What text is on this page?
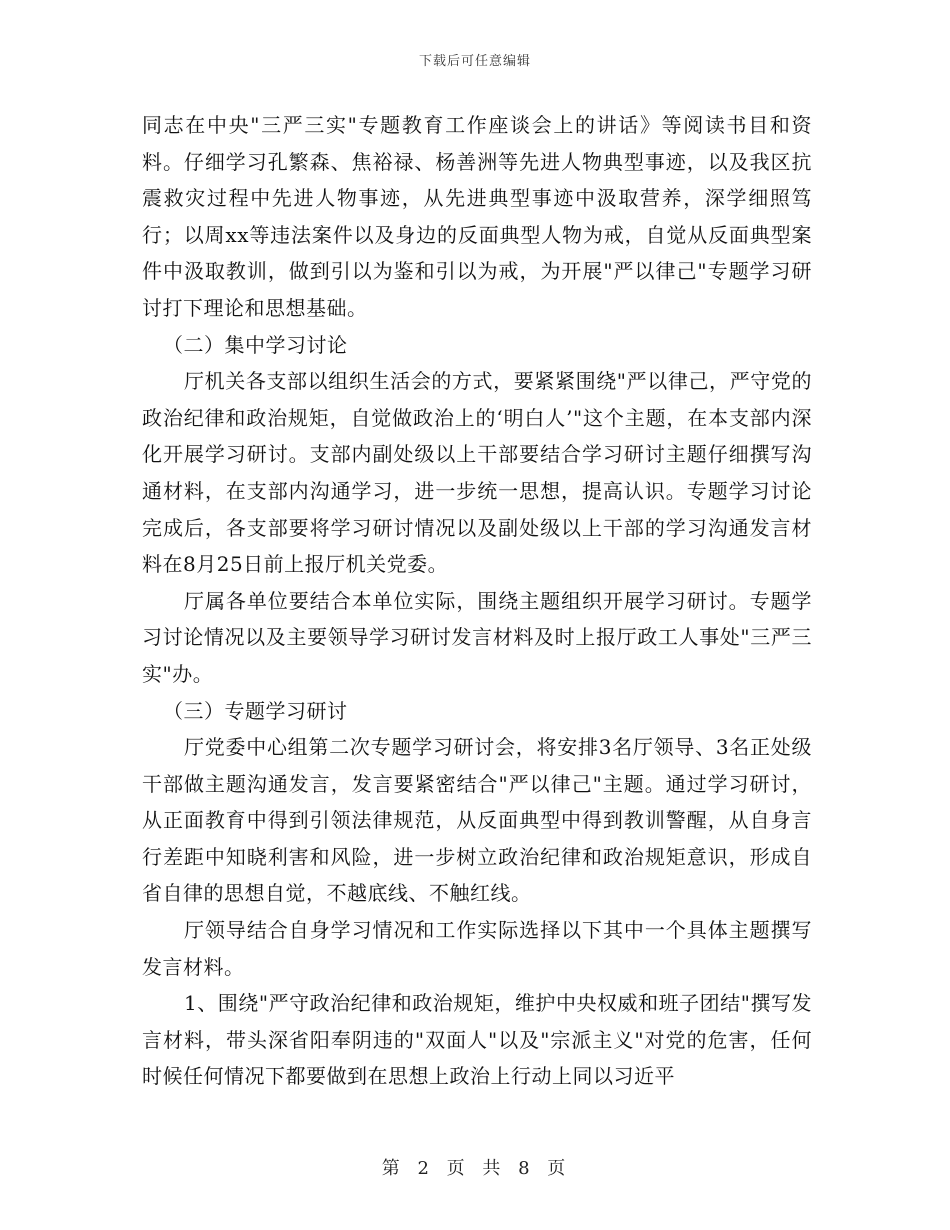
下载后可任意编辑

同志在中央"三严三实"专题教育工作座谈会上的讲话》等阅读书目和资料。仔细学习孔繁森、焦裕禄、杨善洲等先进人物典型事迹，以及我区抗震救灾过程中先进人物事迹，从先进典型事迹中汲取营养，深学细照笃行；以周xx等违法案件以及身边的反面典型人物为戒，自觉从反面典型案件中汲取教训，做到引以为鉴和引以为戒，为开展"严以律己"专题学习研讨打下理论和思想基础。

（二）集中学习讨论

厅机关各支部以组织生活会的方式，要紧紧围绕"严以律己，严守党的政治纪律和政治规矩，自觉做政治上的‘明白人’"这个主题，在本支部内深化开展学习研讨。支部内副处级以上干部要结合学习研讨主题仔细撰写沟通材料，在支部内沟通学习，进一步统一思想，提高认识。专题学习讨论完成后，各支部要将学习研讨情况以及副处级以上干部的学习沟通发言材料在8月25日前上报厅机关党委。

厅属各单位要结合本单位实际，围绕主题组织开展学习研讨。专题学习讨论情况以及主要领导学习研讨发言材料及时上报厅政工人事处"三严三实"办。

（三）专题学习研讨

厅党委中心组第二次专题学习研讨会，将安排3名厅领导、3名正处级干部做主题沟通发言，发言要紧密结合"严以律己"主题。通过学习研讨，从正面教育中得到引领法律规范，从反面典型中得到教训警醒，从自身言行差距中知晓利害和风险，进一步树立政治纪律和政治规矩意识，形成自省自律的思想自觉，不越底线、不触红线。

厅领导结合自身学习情况和工作实际选择以下其中一个具体主题撰写发言材料。

1、围绕"严守政治纪律和政治规矩，维护中央权威和班子团结"撰写发言材料，带头深省阳奉阴违的"双面人"以及"宗派主义"对党的危害，任何时候任何情况下都要做到在思想上政治上行动上同以习近平

第 2 页 共 8 页
